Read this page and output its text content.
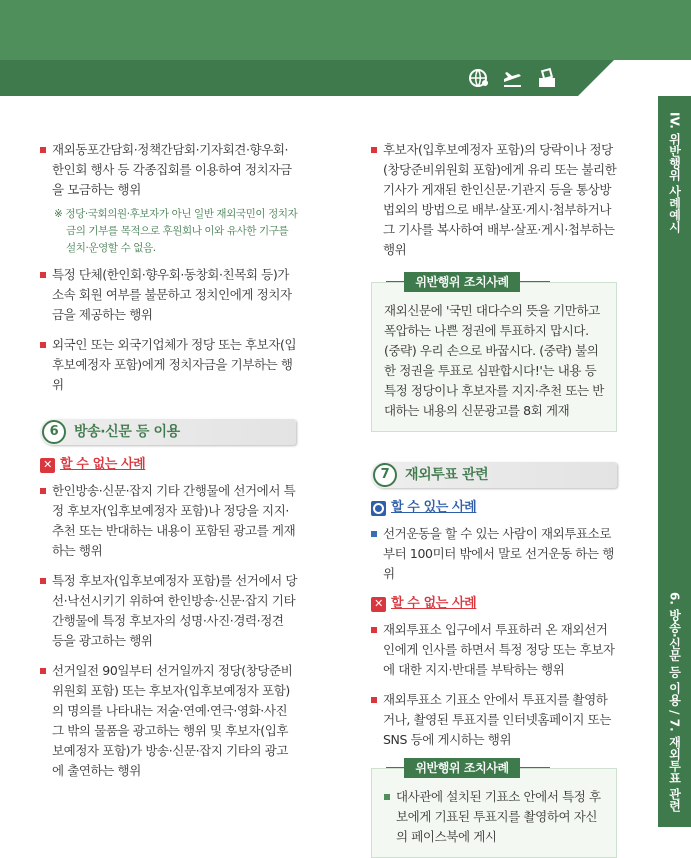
IV. 위반행위 사례예시
6. 방송·신문 등 이용 / 7. 재외투표 관련
재외동포간담회·정책간담회·기자회견·향우회·한인회 행사 등 각종집회를 이용하여 정치자금을 모금하는 행위
※ 정당·국회의원·후보자가 아닌 일반 재외국민이 정치자금의 기부를 목적으로 후원회나 이와 유사한 기구를 설치·운영할 수 없음.
특정 단체(한인회·향우회·동창회·친목회 등)가 소속 회원 여부를 불문하고 정치인에게 정치자금을 제공하는 행위
외국인 또는 외국기업체가 정당 또는 후보자(입후보예정자 포함)에게 정치자금을 기부하는 행위
6	방송·신문 등 이용
✕ 할 수 없는 사례
한인방송·신문·잡지 기타 간행물에 선거에서 특정 후보자(입후보예정자 포함)나 정당을 지지·추천 또는 반대하는 내용이 포함된 광고를 게재하는 행위
특정 후보자(입후보예정자 포함)를 선거에서 당선·낙선시키기 위하여 한인방송·신문·잡지 기타 간행물에 특정 후보자의 성명·사진·경력·정견 등을 광고하는 행위
선거일전 90일부터 선거일까지 정당(창당준비위원회 포함) 또는 후보자(입후보예정자 포함)의 명의를 나타내는 저술·연예·연극·영화·사진 그 밖의 물품을 광고하는 행위 및 후보자(입후보예정자 포함)가 방송·신문·잡지 기타의 광고에 출연하는 행위
후보자(입후보예정자 포함)의 당락이나 정당(창당준비위원회 포함)에게 유리 또는 불리한 기사가 게재된 한인신문·기관지 등을 통상방법외의 방법으로 배부·살포·게시·첩부하거나 그 기사를 복사하여 배부·살포·게시·첩부하는 행위
위반행위 조치사례
재외신문에 '국민 대다수의 뜻을 기만하고 폭압하는 나쁜 정권에 투표하지 맙시다. (중략) 우리 손으로 바꿉시다. (중략) 불의한 정권을 투표로 심판합시다!'는 내용 등 특정 정당이나 후보자를 지지·추천 또는 반대하는 내용의 신문광고를 8회 게재
7	재외투표 관련
할 수 있는 사례
선거운동을 할 수 있는 사람이 재외투표소로부터 100미터 밖에서 말로 선거운동 하는 행위
✕ 할 수 없는 사례
재외투표소 입구에서 투표하러 온 재외선거인에게 인사를 하면서 특정 정당 또는 후보자에 대한 지지·반대를 부탁하는 행위
재외투표소 기표소 안에서 투표지를 촬영하거나, 촬영된 투표지를 인터넷홈페이지 또는 SNS 등에 게시하는 행위
위반행위 조치사례
대사관에 설치된 기표소 안에서 특정 후보에게 기표된 투표지를 촬영하여 자신의 페이스북에 게시
